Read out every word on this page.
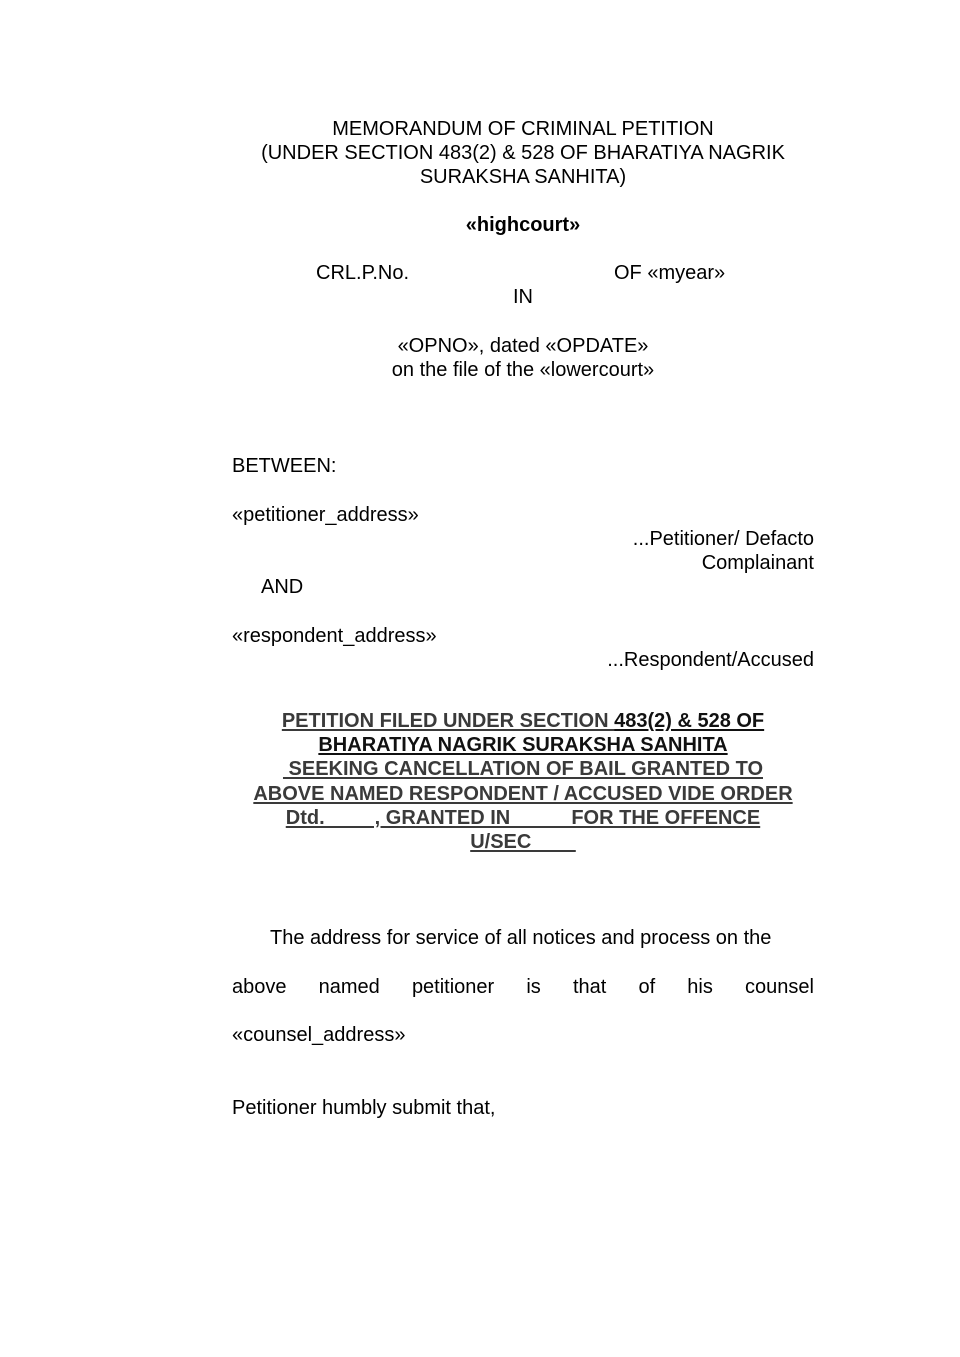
MEMORANDUM OF CRIMINAL PETITION
(UNDER SECTION 483(2) & 528 OF BHARATIYA NAGRIK
SURAKSHA SANHITA)
«highcourt»
CRL.P.No.	OF «myear»
IN
«OPNO», dated «OPDATE»
on the file of the «lowercourt»
BETWEEN:
«petitioner_address»
...Petitioner/ Defacto
Complainant
AND
«respondent_address»
...Respondent/Accused
PETITION FILED UNDER SECTION 483(2) & 528 OF
BHARATIYA NAGRIK SURAKSHA SANHITA
SEEKING CANCELLATION OF BAIL GRANTED TO
ABOVE NAMED RESPONDENT / ACCUSED VIDE ORDER
Dtd.         , GRANTED IN           FOR THE OFFENCE
U/SEC
The address for service of all notices and process on the
above named petitioner is that of his counsel
«counsel_address»
Petitioner humbly submit that,
